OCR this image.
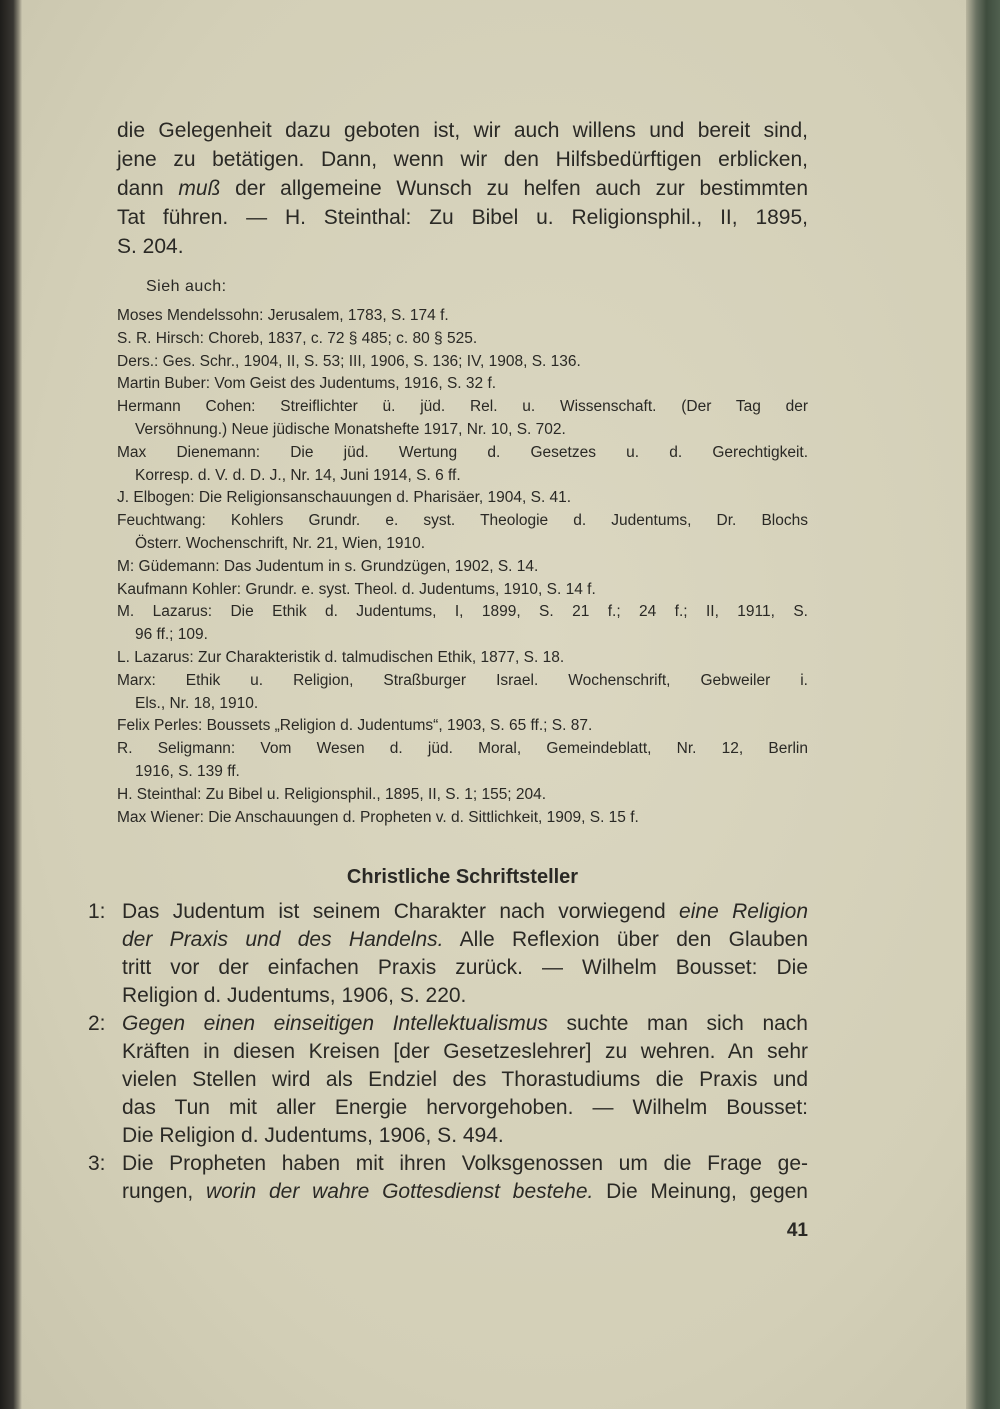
die Gelegenheit dazu geboten ist, wir auch willens und bereit sind,
jene zu betätigen. Dann, wenn wir den Hilfsbedürftigen erblicken,
dann muß der allgemeine Wunsch zu helfen auch zur bestimmten
Tat führen. — H. Steinthal: Zu Bibel u. Religionsphil., II, 1895,
S. 204.
Sieh auch:
Moses Mendelssohn: Jerusalem, 1783, S. 174 f.
S. R. Hirsch: Choreb, 1837, c. 72 § 485; c. 80 § 525.
Ders.: Ges. Schr., 1904, II, S. 53; III, 1906, S. 136; IV, 1908, S. 136.
Martin Buber: Vom Geist des Judentums, 1916, S. 32 f.
Hermann Cohen: Streiflichter ü. jüd. Rel. u. Wissenschaft. (Der Tag der
Versöhnung.) Neue jüdische Monatshefte 1917, Nr. 10, S. 702.
Max Dienemann: Die jüd. Wertung d. Gesetzes u. d. Gerechtigkeit.
Korresp. d. V. d. D. J., Nr. 14, Juni 1914, S. 6 ff.
J. Elbogen: Die Religionsanschauungen d. Pharisäer, 1904, S. 41.
Feuchtwang: Kohlers Grundr. e. syst. Theologie d. Judentums, Dr. Blochs
Österr. Wochenschrift, Nr. 21, Wien, 1910.
M: Güdemann: Das Judentum in s. Grundzügen, 1902, S. 14.
Kaufmann Kohler: Grundr. e. syst. Theol. d. Judentums, 1910, S. 14 f.
M. Lazarus: Die Ethik d. Judentums, I, 1899, S. 21 f.; 24 f.; II, 1911, S.
96 ff.; 109.
L. Lazarus: Zur Charakteristik d. talmudischen Ethik, 1877, S. 18.
Marx: Ethik u. Religion, Straßburger Israel. Wochenschrift, Gebweiler i.
Els., Nr. 18, 1910.
Felix Perles: Boussets „Religion d. Judentums“, 1903, S. 65 ff.; S. 87.
R. Seligmann: Vom Wesen d. jüd. Moral, Gemeindeblatt, Nr. 12, Berlin
1916, S. 139 ff.
H. Steinthal: Zu Bibel u. Religionsphil., 1895, II, S. 1; 155; 204.
Max Wiener: Die Anschauungen d. Propheten v. d. Sittlichkeit, 1909, S. 15 f.
Christliche Schriftsteller
1: Das Judentum ist seinem Charakter nach vorwiegend eine Religion
der Praxis und des Handelns. Alle Reflexion über den Glauben
tritt vor der einfachen Praxis zurück. — Wilhelm Bousset: Die
Religion d. Judentums, 1906, S. 220.
2: Gegen einen einseitigen Intellektualismus suchte man sich nach
Kräften in diesen Kreisen [der Gesetzeslehrer] zu wehren. An sehr
vielen Stellen wird als Endziel des Thorastudiums die Praxis und
das Tun mit aller Energie hervorgehoben. — Wilhelm Bousset:
Die Religion d. Judentums, 1906, S. 494.
3: Die Propheten haben mit ihren Volksgenossen um die Frage ge-
rungen, worin der wahre Gottesdienst bestehe. Die Meinung, gegen
41
